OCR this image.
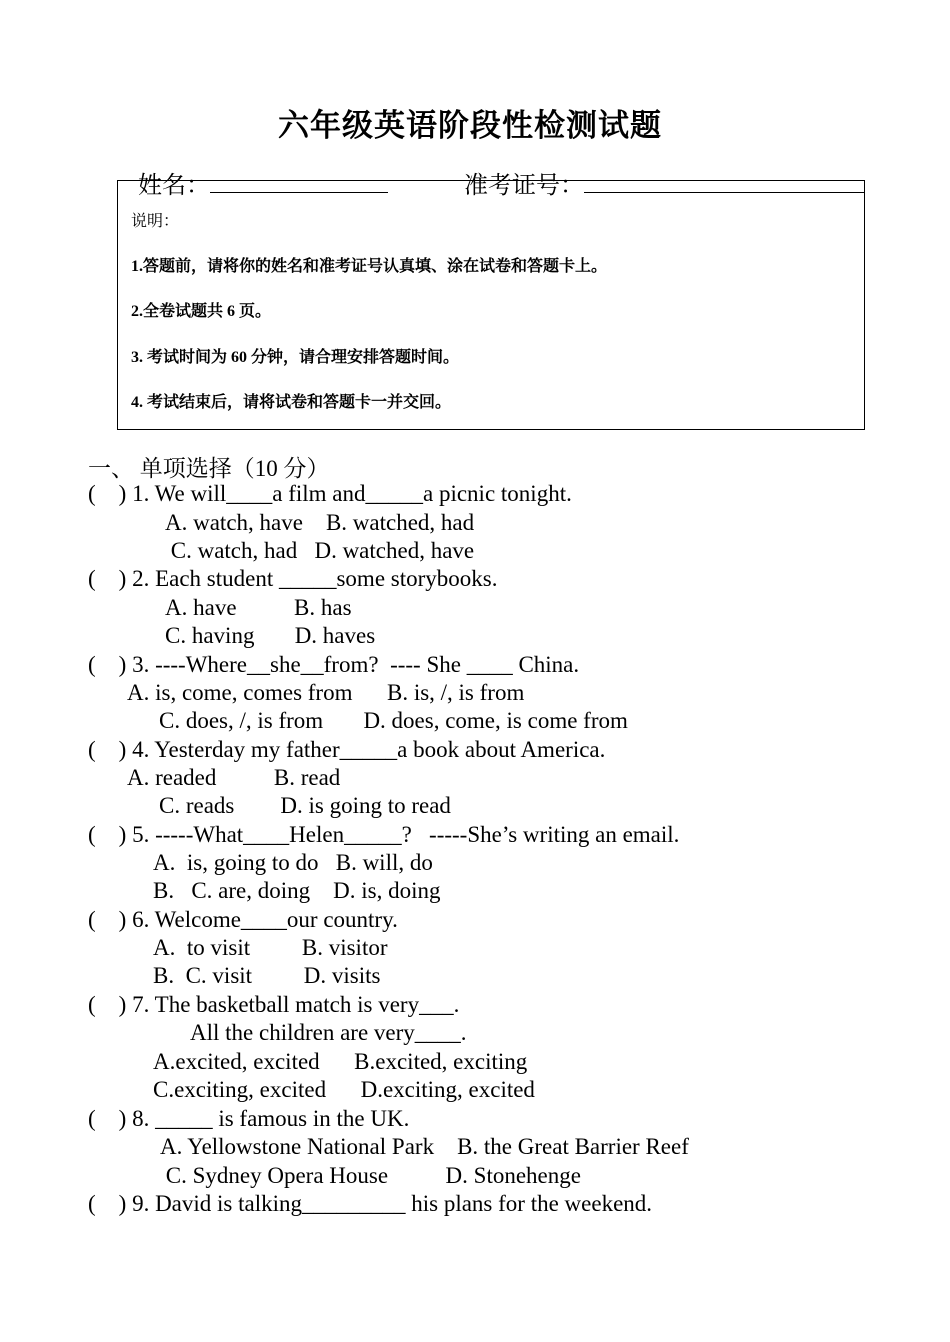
六年级英语阶段性检测试题

姓名：	准考证号：

说明：
1.答题前，请将你的姓名和准考证号认真填、涂在试卷和答题卡上。
2.全卷试题共 6 页。
3. 考试时间为 60 分钟，请合理安排答题时间。
4. 考试结束后，请将试卷和答题卡一并交回。
一、 单项选择（10 分）
(    ) 1. We will____a film and_____a picnic tonight.
A. watch, have    B. watched, had
C. watch, had   D. watched, have
(    ) 2. Each student _____some storybooks.
A. have          B. has
C. having       D. haves
(    ) 3. ----Where__she__from?  ---- She ____ China.
A. is, come, comes from      B. is, /, is from
C. does, /, is from       D. does, come, is come from
(    ) 4. Yesterday my father_____a book about America.
A. readed          B. read
C. reads        D. is going to read
(    ) 5. -----What____Helen_____?   -----She’s writing an email.
A.  is, going to do   B. will, do
B.   C. are, doing    D. is, doing
(    ) 6. Welcome____our country.
A.  to visit         B. visitor
B.  C. visit         D. visits
(    ) 7. The basketball match is very___.
All the children are very____.
A.excited, excited      B.excited, exciting
C.exciting, excited      D.exciting, excited
(    ) 8. _____ is famous in the UK.
A. Yellowstone National Park    B. the Great Barrier Reef
C. Sydney Opera House          D. Stonehenge
(    ) 9. David is talking_________ his plans for the weekend.
